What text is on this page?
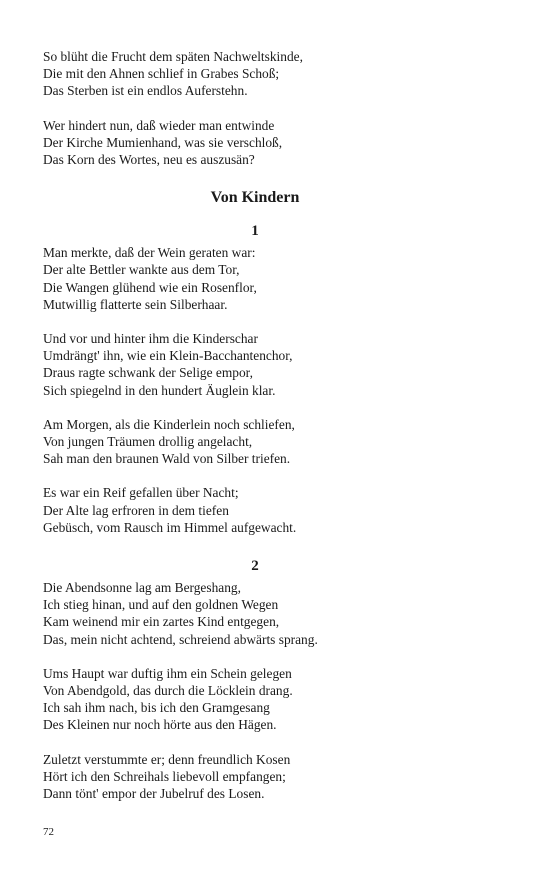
So blüht die Frucht dem späten Nachweltskinde,
Die mit den Ahnen schlief in Grabes Schoß;
Das Sterben ist ein endlos Auferstehn.
Wer hindert nun, daß wieder man entwinde
Der Kirche Mumienhand, was sie verschloß,
Das Korn des Wortes, neu es auszusän?
Von Kindern
1
Man merkte, daß der Wein geraten war:
Der alte Bettler wankte aus dem Tor,
Die Wangen glühend wie ein Rosenflor,
Mutwillig flatterte sein Silberhaar.
Und vor und hinter ihm die Kinderschar
Umdrängt' ihn, wie ein Klein-Bacchantenchor,
Draus ragte schwank der Selige empor,
Sich spiegelnd in den hundert Äuglein klar.
Am Morgen, als die Kinderlein noch schliefen,
Von jungen Träumen drollig angelacht,
Sah man den braunen Wald von Silber triefen.
Es war ein Reif gefallen über Nacht;
Der Alte lag erfroren in dem tiefen
Gebüsch, vom Rausch im Himmel aufgewacht.
2
Die Abendsonne lag am Bergeshang,
Ich stieg hinan, und auf den goldnen Wegen
Kam weinend mir ein zartes Kind entgegen,
Das, mein nicht achtend, schreiend abwärts sprang.
Ums Haupt war duftig ihm ein Schein gelegen
Von Abendgold, das durch die Löcklein drang.
Ich sah ihm nach, bis ich den Gramgesang
Des Kleinen nur noch hörte aus den Hägen.
Zuletzt verstummte er; denn freundlich Kosen
Hört ich den Schreihals liebevoll empfangen;
Dann tönt' empor der Jubelruf des Losen.
72
